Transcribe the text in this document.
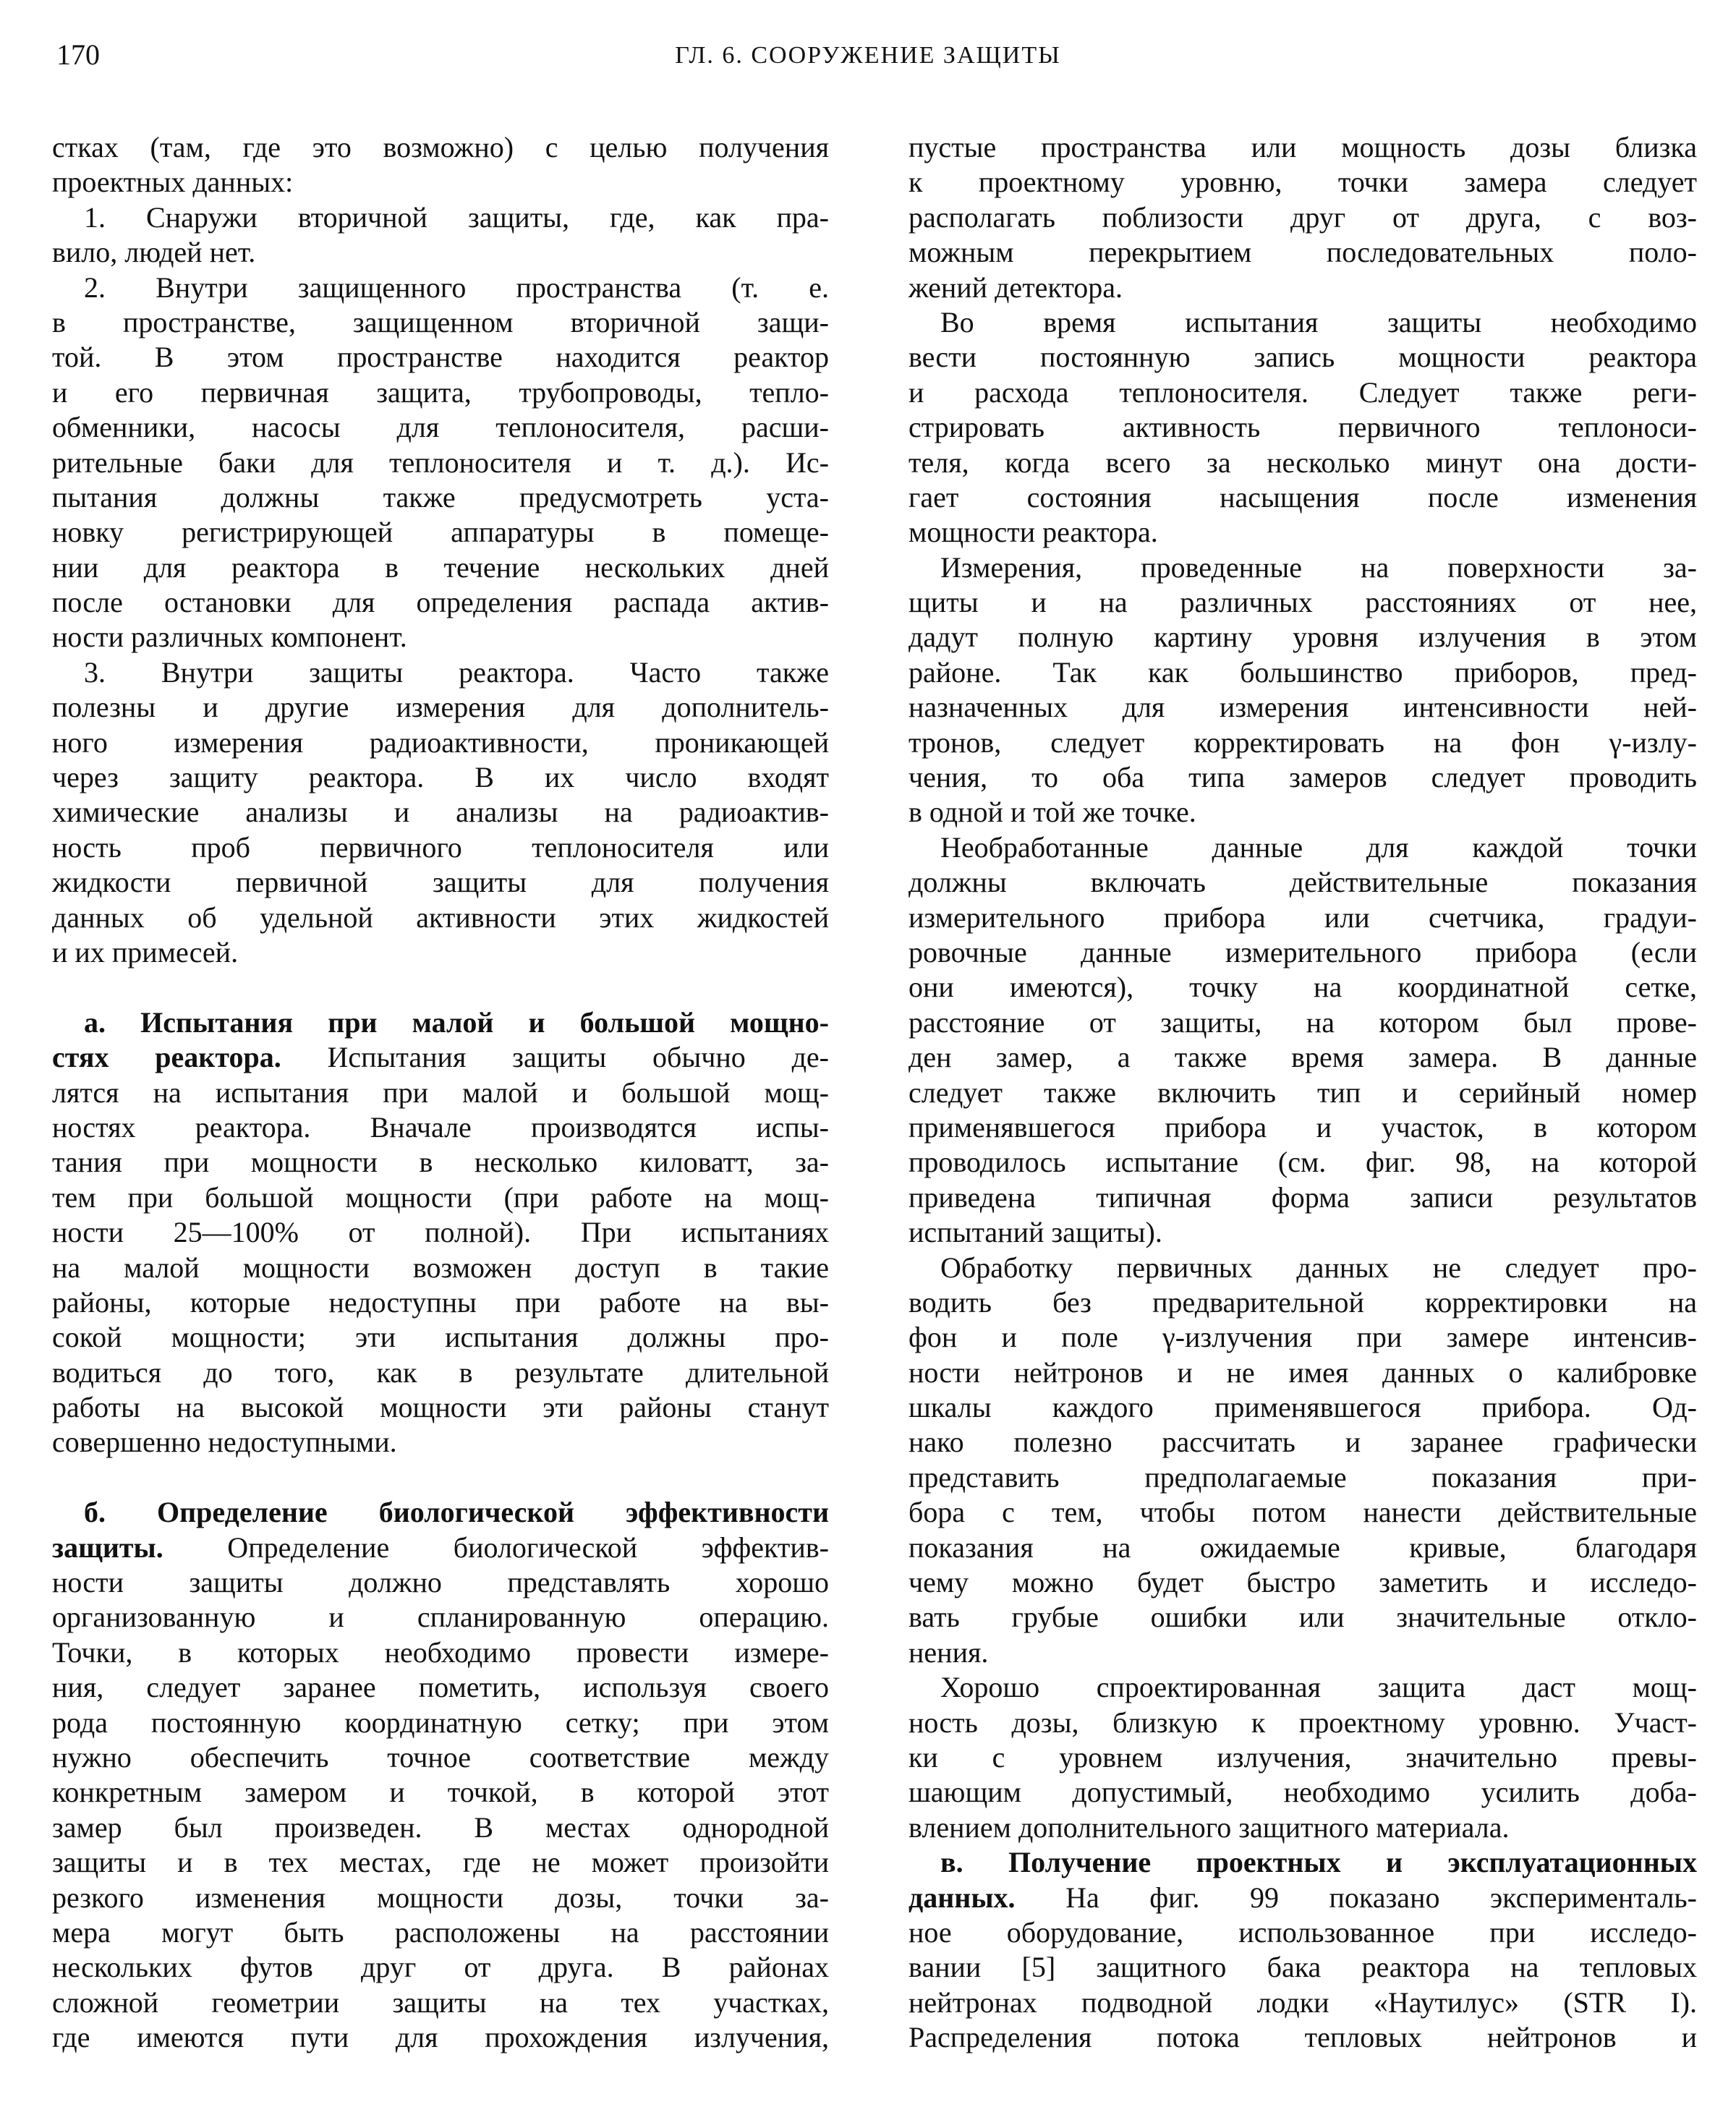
170	ГЛ. 6. СООРУЖЕНИЕ ЗАЩИТЫ
стках (там, где это возможно) с целью получения
проектных данных:
1. Снаружи вторичной защиты, где, как пра-
вило, людей нет.
2. Внутри защищенного пространства (т. е.
в пространстве, защищенном вторичной защи-
той. В этом пространстве находится реактор
и его первичная защита, трубопроводы, тепло-
обменники, насосы для теплоносителя, расши-
рительные баки для теплоносителя и т. д.). Ис-
пытания должны также предусмотреть уста-
новку регистрирующей аппаратуры в помеще-
нии для реактора в течение нескольких дней
после остановки для определения распада актив-
ности различных компонент.
3. Внутри защиты реактора. Часто также
полезны и другие измерения для дополнитель-
ного измерения радиоактивности, проникающей
через защиту реактора. В их число входят
химические анализы и анализы на радиоактив-
ность проб первичного теплоносителя или
жидкости первичной защиты для получения
данных об удельной активности этих жидкостей
и их примесей.
а. Испытания при малой и большой мощно-
стях реактора. Испытания защиты обычно де-
лятся на испытания при малой и большой мощ-
ностях реактора. Вначале производятся испы-
тания при мощности в несколько киловатт, за-
тем при большой мощности (при работе на мощ-
ности 25—100% от полной). При испытаниях
на малой мощности возможен доступ в такие
районы, которые недоступны при работе на вы-
сокой мощности; эти испытания должны про-
водиться до того, как в результате длительной
работы на высокой мощности эти районы станут
совершенно недоступными.
б. Определение биологической эффективности
защиты. Определение биологической эффектив-
ности защиты должно представлять хорошо
организованную и спланированную операцию.
Точки, в которых необходимо провести измере-
ния, следует заранее пометить, используя своего
рода постоянную координатную сетку; при этом
нужно обеспечить точное соответствие между
конкретным замером и точкой, в которой этот
замер был произведен. В местах однородной
защиты и в тех местах, где не может произойти
резкого изменения мощности дозы, точки за-
мера могут быть расположены на расстоянии
нескольких футов друг от друга. В районах
сложной геометрии защиты на тех участках,
где имеются пути для прохождения излучения,
пустые пространства или мощность дозы близка
к проектному уровню, точки замера следует
располагать поблизости друг от друга, с воз-
можным перекрытием последовательных поло-
жений детектора.
Во время испытания защиты необходимо
вести постоянную запись мощности реактора
и расхода теплоносителя. Следует также реги-
стрировать активность первичного теплоноси-
теля, когда всего за несколько минут она дости-
гает состояния насыщения после изменения
мощности реактора.
Измерения, проведенные на поверхности за-
щиты и на различных расстояниях от нее,
дадут полную картину уровня излучения в этом
районе. Так как большинство приборов, пред-
назначенных для измерения интенсивности ней-
тронов, следует корректировать на фон γ-излу-
чения, то оба типа замеров следует проводить
в одной и той же точке.
Необработанные данные для каждой точки
должны включать действительные показания
измерительного прибора или счетчика, градуи-
ровочные данные измерительного прибора (если
они имеются), точку на координатной сетке,
расстояние от защиты, на котором был прове-
ден замер, а также время замера. В данные
следует также включить тип и серийный номер
применявшегося прибора и участок, в котором
проводилось испытание (см. фиг. 98, на которой
приведена типичная форма записи результатов
испытаний защиты).
Обработку первичных данных не следует про-
водить без предварительной корректировки на
фон и поле γ-излучения при замере интенсив-
ности нейтронов и не имея данных о калибровке
шкалы каждого применявшегося прибора. Од-
нако полезно рассчитать и заранее графически
представить предполагаемые показания при-
бора с тем, чтобы потом нанести действительные
показания на ожидаемые кривые, благодаря
чему можно будет быстро заметить и исследо-
вать грубые ошибки или значительные откло-
нения.
Хорошо спроектированная защита даст мощ-
ность дозы, близкую к проектному уровню. Участ-
ки с уровнем излучения, значительно превы-
шающим допустимый, необходимо усилить доба-
влением дополнительного защитного материала.
в. Получение проектных и эксплуатационных
данных. На фиг. 99 показано эксперименталь-
ное оборудование, использованное при исследо-
вании [5] защитного бака реактора на тепловых
нейтронах подводной лодки «Наутилус» (STR I).
Распределения потока тепловых нейтронов и
